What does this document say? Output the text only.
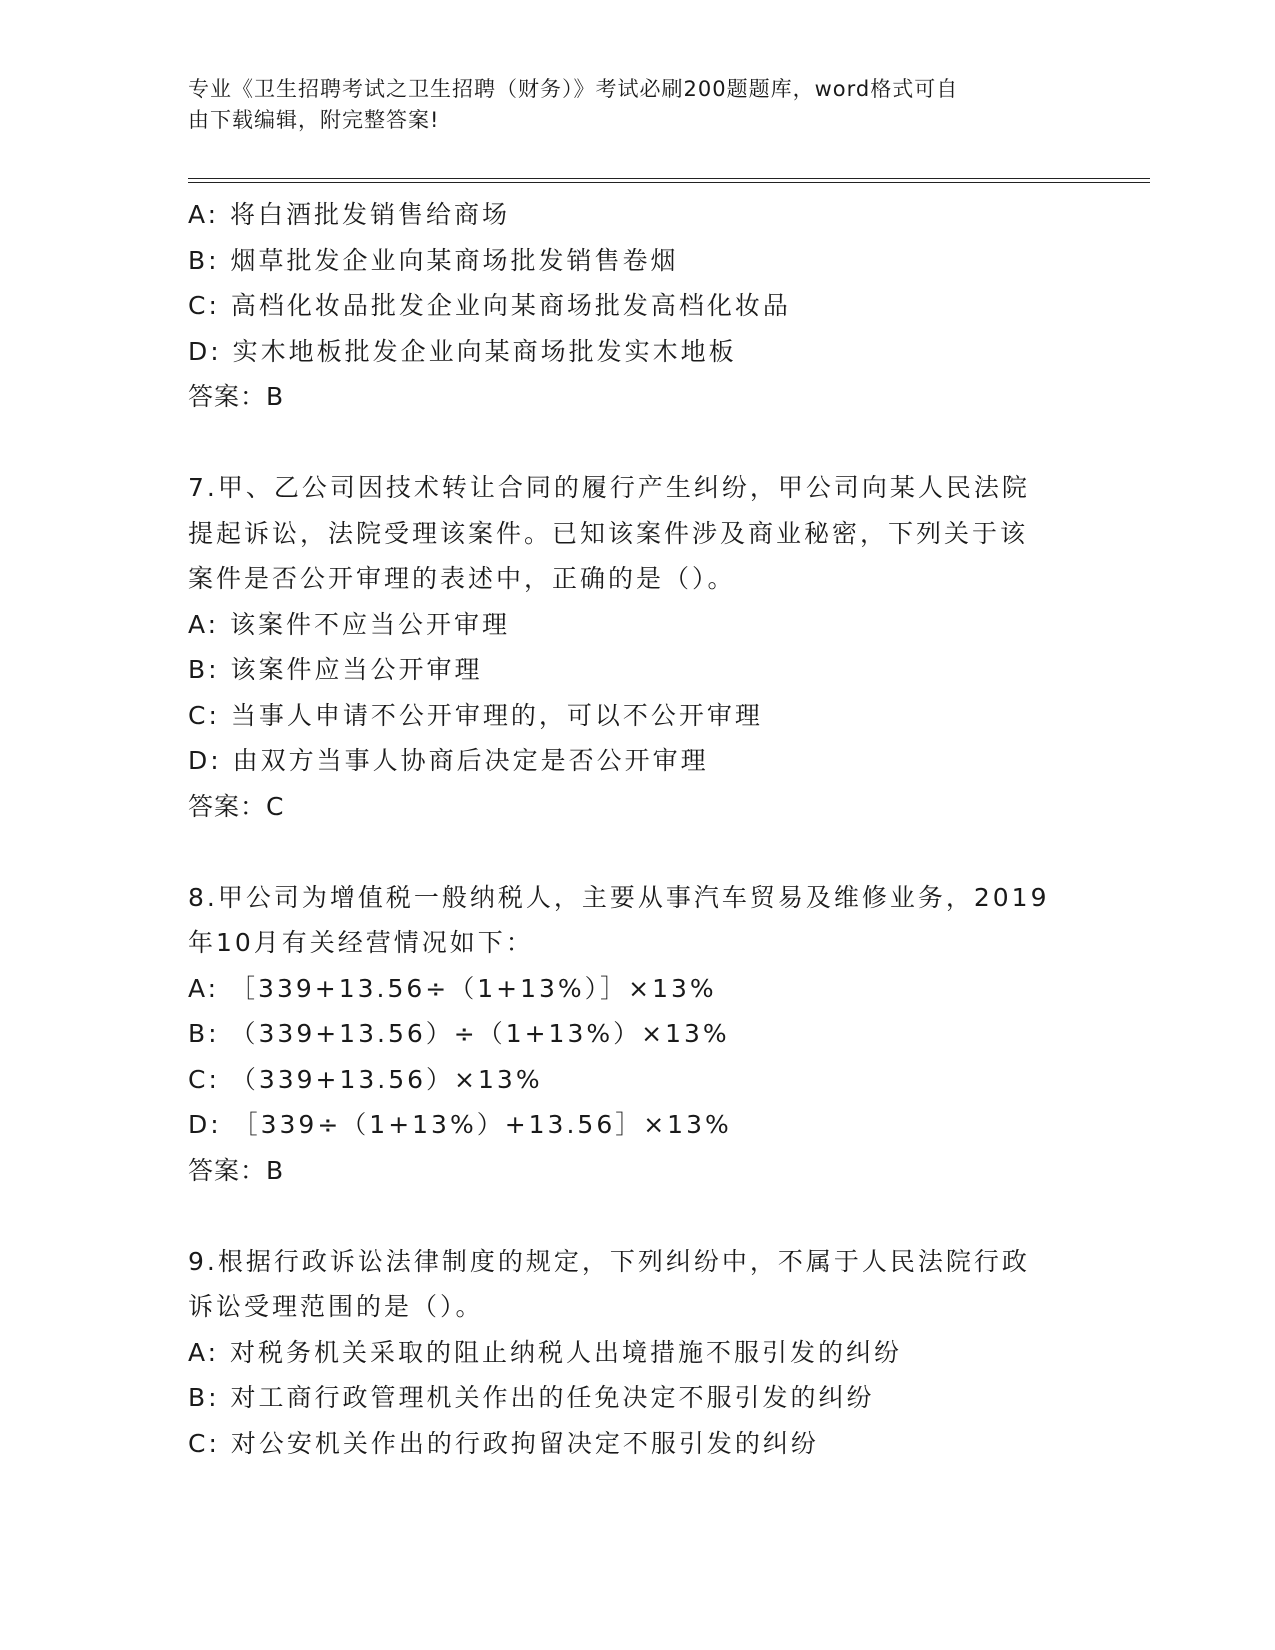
专业《卫生招聘考试之卫生招聘（财务）》考试必刷200题题库，word格式可自
由下载编辑，附完整答案!
A: 将白酒批发销售给商场
B: 烟草批发企业向某商场批发销售卷烟
C: 高档化妆品批发企业向某商场批发高档化妆品
D: 实木地板批发企业向某商场批发实木地板
答案：B
7.甲、乙公司因技术转让合同的履行产生纠纷，甲公司向某人民法院
提起诉讼，法院受理该案件。已知该案件涉及商业秘密，下列关于该
案件是否公开审理的表述中，正确的是（）。
A: 该案件不应当公开审理
B: 该案件应当公开审理
C: 当事人申请不公开审理的，可以不公开审理
D: 由双方当事人协商后决定是否公开审理
答案：C
8.甲公司为增值税一般纳税人，主要从事汽车贸易及维修业务，2019
年10月有关经营情况如下：
A: ［339+13.56÷（1+13%）］×13%
B: （339+13.56）÷（1+13%）×13%
C: （339+13.56）×13%
D: ［339÷（1+13%）+13.56］×13%
答案：B
9.根据行政诉讼法律制度的规定，下列纠纷中，不属于人民法院行政
诉讼受理范围的是（）。
A: 对税务机关采取的阻止纳税人出境措施不服引发的纠纷
B: 对工商行政管理机关作出的任免决定不服引发的纠纷
C: 对公安机关作出的行政拘留决定不服引发的纠纷
